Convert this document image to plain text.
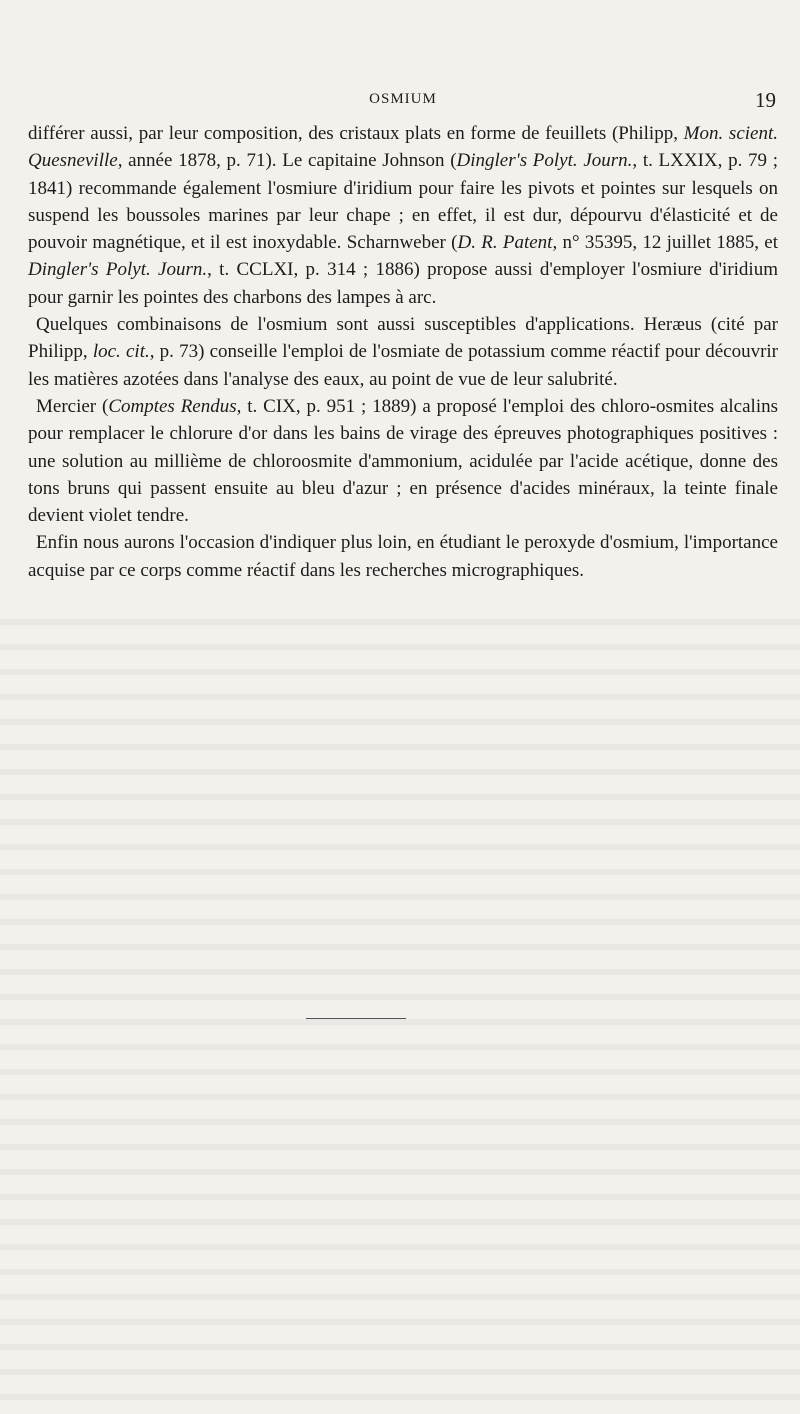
OSMIUM	19

différer aussi, par leur composition, des cristaux plats en forme de feuillets (Philipp, Mon. scient. Quesneville, année 1878, p. 71). Le capitaine Johnson (Dingler's Polyt. Journ., t. LXXIX, p. 79 ; 1841) recommande également l'osmiure d'iridium pour faire les pivots et pointes sur lesquels on suspend les boussoles marines par leur chape ; en effet, il est dur, dépourvu d'élasticité et de pouvoir magnétique, et il est inoxydable. Scharnweber (D. R. Patent, n° 35395, 12 juillet 1885, et Dingler's Polyt. Journ., t. CCLXI, p. 314 ; 1886) propose aussi d'employer l'osmiure d'iridium pour garnir les pointes des charbons des lampes à arc.

Quelques combinaisons de l'osmium sont aussi susceptibles d'applications. Heræus (cité par Philipp, loc. cit., p. 73) conseille l'emploi de l'osmiate de potassium comme réactif pour découvrir les matières azotées dans l'analyse des eaux, au point de vue de leur salubrité.

Mercier (Comptes Rendus, t. CIX, p. 951 ; 1889) a proposé l'emploi des chloro-osmites alcalins pour remplacer le chlorure d'or dans les bains de virage des épreuves photographiques positives : une solution au millième de chloroosmite d'ammonium, acidulée par l'acide acétique, donne des tons bruns qui passent ensuite au bleu d'azur ; en présence d'acides minéraux, la teinte finale devient violet tendre.

Enfin nous aurons l'occasion d'indiquer plus loin, en étudiant le peroxyde d'osmium, l'importance acquise par ce corps comme réactif dans les recherches micrographiques.
